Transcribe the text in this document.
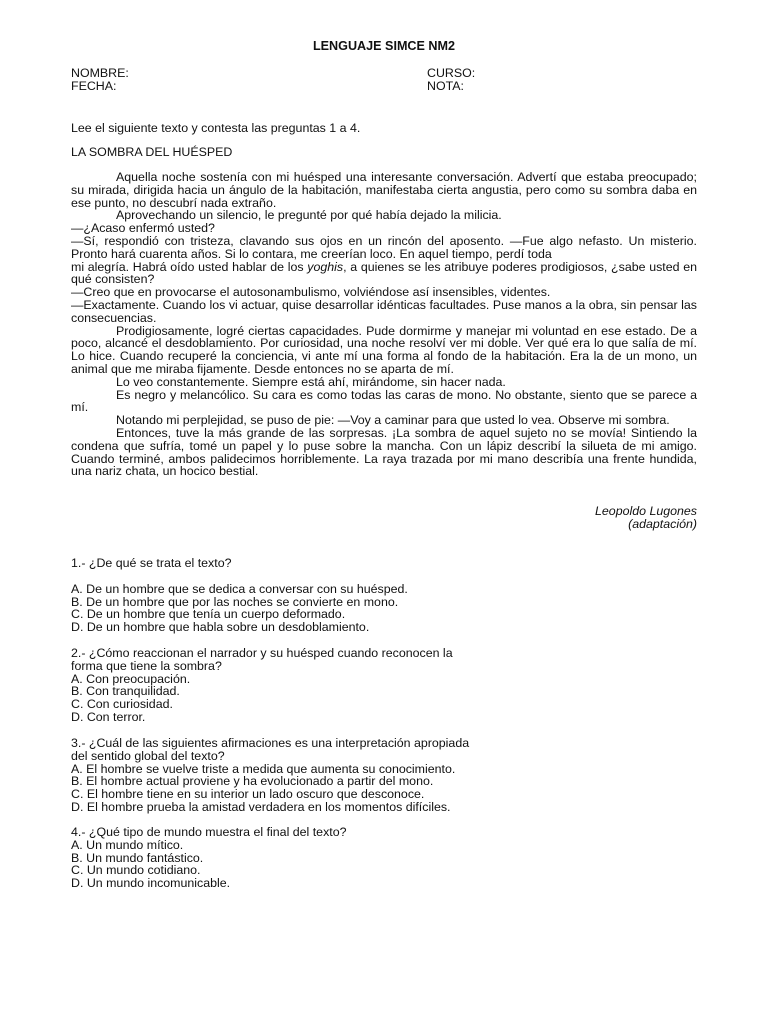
LENGUAJE SIMCE NM2
NOMBRE:
FECHA:
CURSO:
NOTA:
Lee el siguiente texto y contesta las preguntas 1 a 4.
LA SOMBRA DEL HUÉSPED

Aquella noche sostenía con mi huésped una interesante conversación. Advertí que estaba preocupado; su mirada, dirigida hacia un ángulo de la habitación, manifestaba cierta angustia, pero como su sombra daba en ese punto, no descubrí nada extraño.

Aprovechando un silencio, le pregunté por qué había dejado la milicia.

—¿Acaso enfermó usted?

—Sí, respondió con tristeza, clavando sus ojos en un rincón del aposento. —Fue algo nefasto. Un misterio. Pronto hará cuarenta años. Si lo contara, me creerían loco. En aquel tiempo, perdí toda

mi alegría. Habrá oído usted hablar de los yoghis, a quienes se les atribuye poderes prodigiosos, ¿sabe usted en qué consisten?

—Creo que en provocarse el autosonambulismo, volviéndose así insensibles, videntes.

—Exactamente. Cuando los vi actuar, quise desarrollar idénticas facultades. Puse manos a la obra, sin pensar las consecuencias.

Prodigiosamente, logré ciertas capacidades. Pude dormirme y manejar mi voluntad en ese estado. De a poco, alcancé el desdoblamiento. Por curiosidad, una noche resolví ver mi doble. Ver qué era lo que salía de mí. Lo hice. Cuando recuperé la conciencia, vi ante mí una forma al fondo de la habitación. Era la de un mono, un animal que me miraba fijamente. Desde entonces no se aparta de mí.

Lo veo constantemente. Siempre está ahí, mirándome, sin hacer nada.

Es negro y melancólico. Su cara es como todas las caras de mono. No obstante, siento que se parece a mí.

Notando mi perplejidad, se puso de pie: —Voy a caminar para que usted lo vea. Observe mi sombra.

Entonces, tuve la más grande de las sorpresas. ¡La sombra de aquel sujeto no se movía! Sintiendo la condena que sufría, tomé un papel y lo puse sobre la mancha. Con un lápiz describí la silueta de mi amigo. Cuando terminé, ambos palidecimos horriblemente. La raya trazada por mi mano describía una frente hundida, una nariz chata, un hocico bestial.

Leopoldo Lugones
(adaptación)
1.- ¿De qué se trata el texto?
A. De un hombre que se dedica a conversar con su huésped.
B. De un hombre que por las noches se convierte en mono.
C. De un hombre que tenía un cuerpo deformado.
D. De un hombre que habla sobre un desdoblamiento.
2.- ¿Cómo reaccionan el narrador y su huésped cuando reconocen la
forma que tiene la sombra?
A. Con preocupación.
B. Con tranquilidad.
C. Con curiosidad.
D. Con terror.
3.- ¿Cuál de las siguientes afirmaciones es una interpretación apropiada
del sentido global del texto?
A. El hombre se vuelve triste a medida que aumenta su conocimiento.
B. El hombre actual proviene y ha evolucionado a partir del mono.
C. El hombre tiene en su interior un lado oscuro que desconoce.
D. El hombre prueba la amistad verdadera en los momentos difíciles.
4.- ¿Qué tipo de mundo muestra el final del texto?
A. Un mundo mítico.
B. Un mundo fantástico.
C. Un mundo cotidiano.
D. Un mundo incomunicable.
